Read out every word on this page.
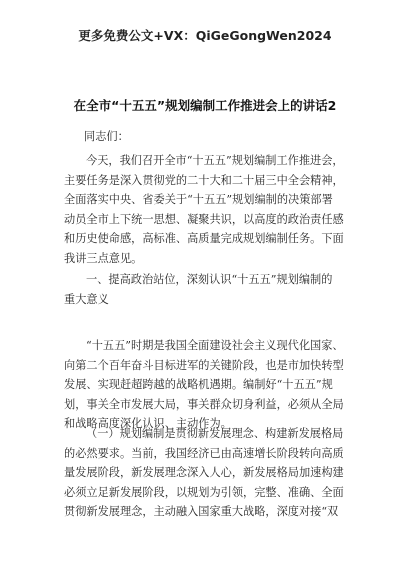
更多免费公文+VX：QiGeGongWen2024
在全市“十五五”规划编制工作推进会上的讲话2
同志们：
今天，我们召开全市“十五五”规划编制工作推进会，
主要任务是深入贯彻党的二十大和二十届三中全会精神，
全面落实中央、省委关于“十五五”规划编制的决策部署
动员全市上下统一思想、凝聚共识，以高度的政治责任感
和历史使命感，高标准、高质量完成规划编制任务。下面
我讲三点意见。
一、提高政治站位，深刻认识“十五五”规划编制的
重大意义
“十五五”时期是我国全面建设社会主义现代化国家、
向第二个百年奋斗目标进军的关键阶段，也是市加快转型
发展、实现赶超跨越的战略机遇期。编制好“十五五”规
划，事关全市发展大局，事关群众切身利益，必须从全局
和战略高度深化认识、主动作为。
（一）规划编制是贯彻新发展理念、构建新发展格局
的必然要求。当前，我国经济已由高速增长阶段转向高质
量发展阶段，新发展理念深入人心，新发展格局加速构建
必须立足新发展阶段，以规划为引领，完整、准确、全面
贯彻新发展理念，主动融入国家重大战略，深度对接“双
